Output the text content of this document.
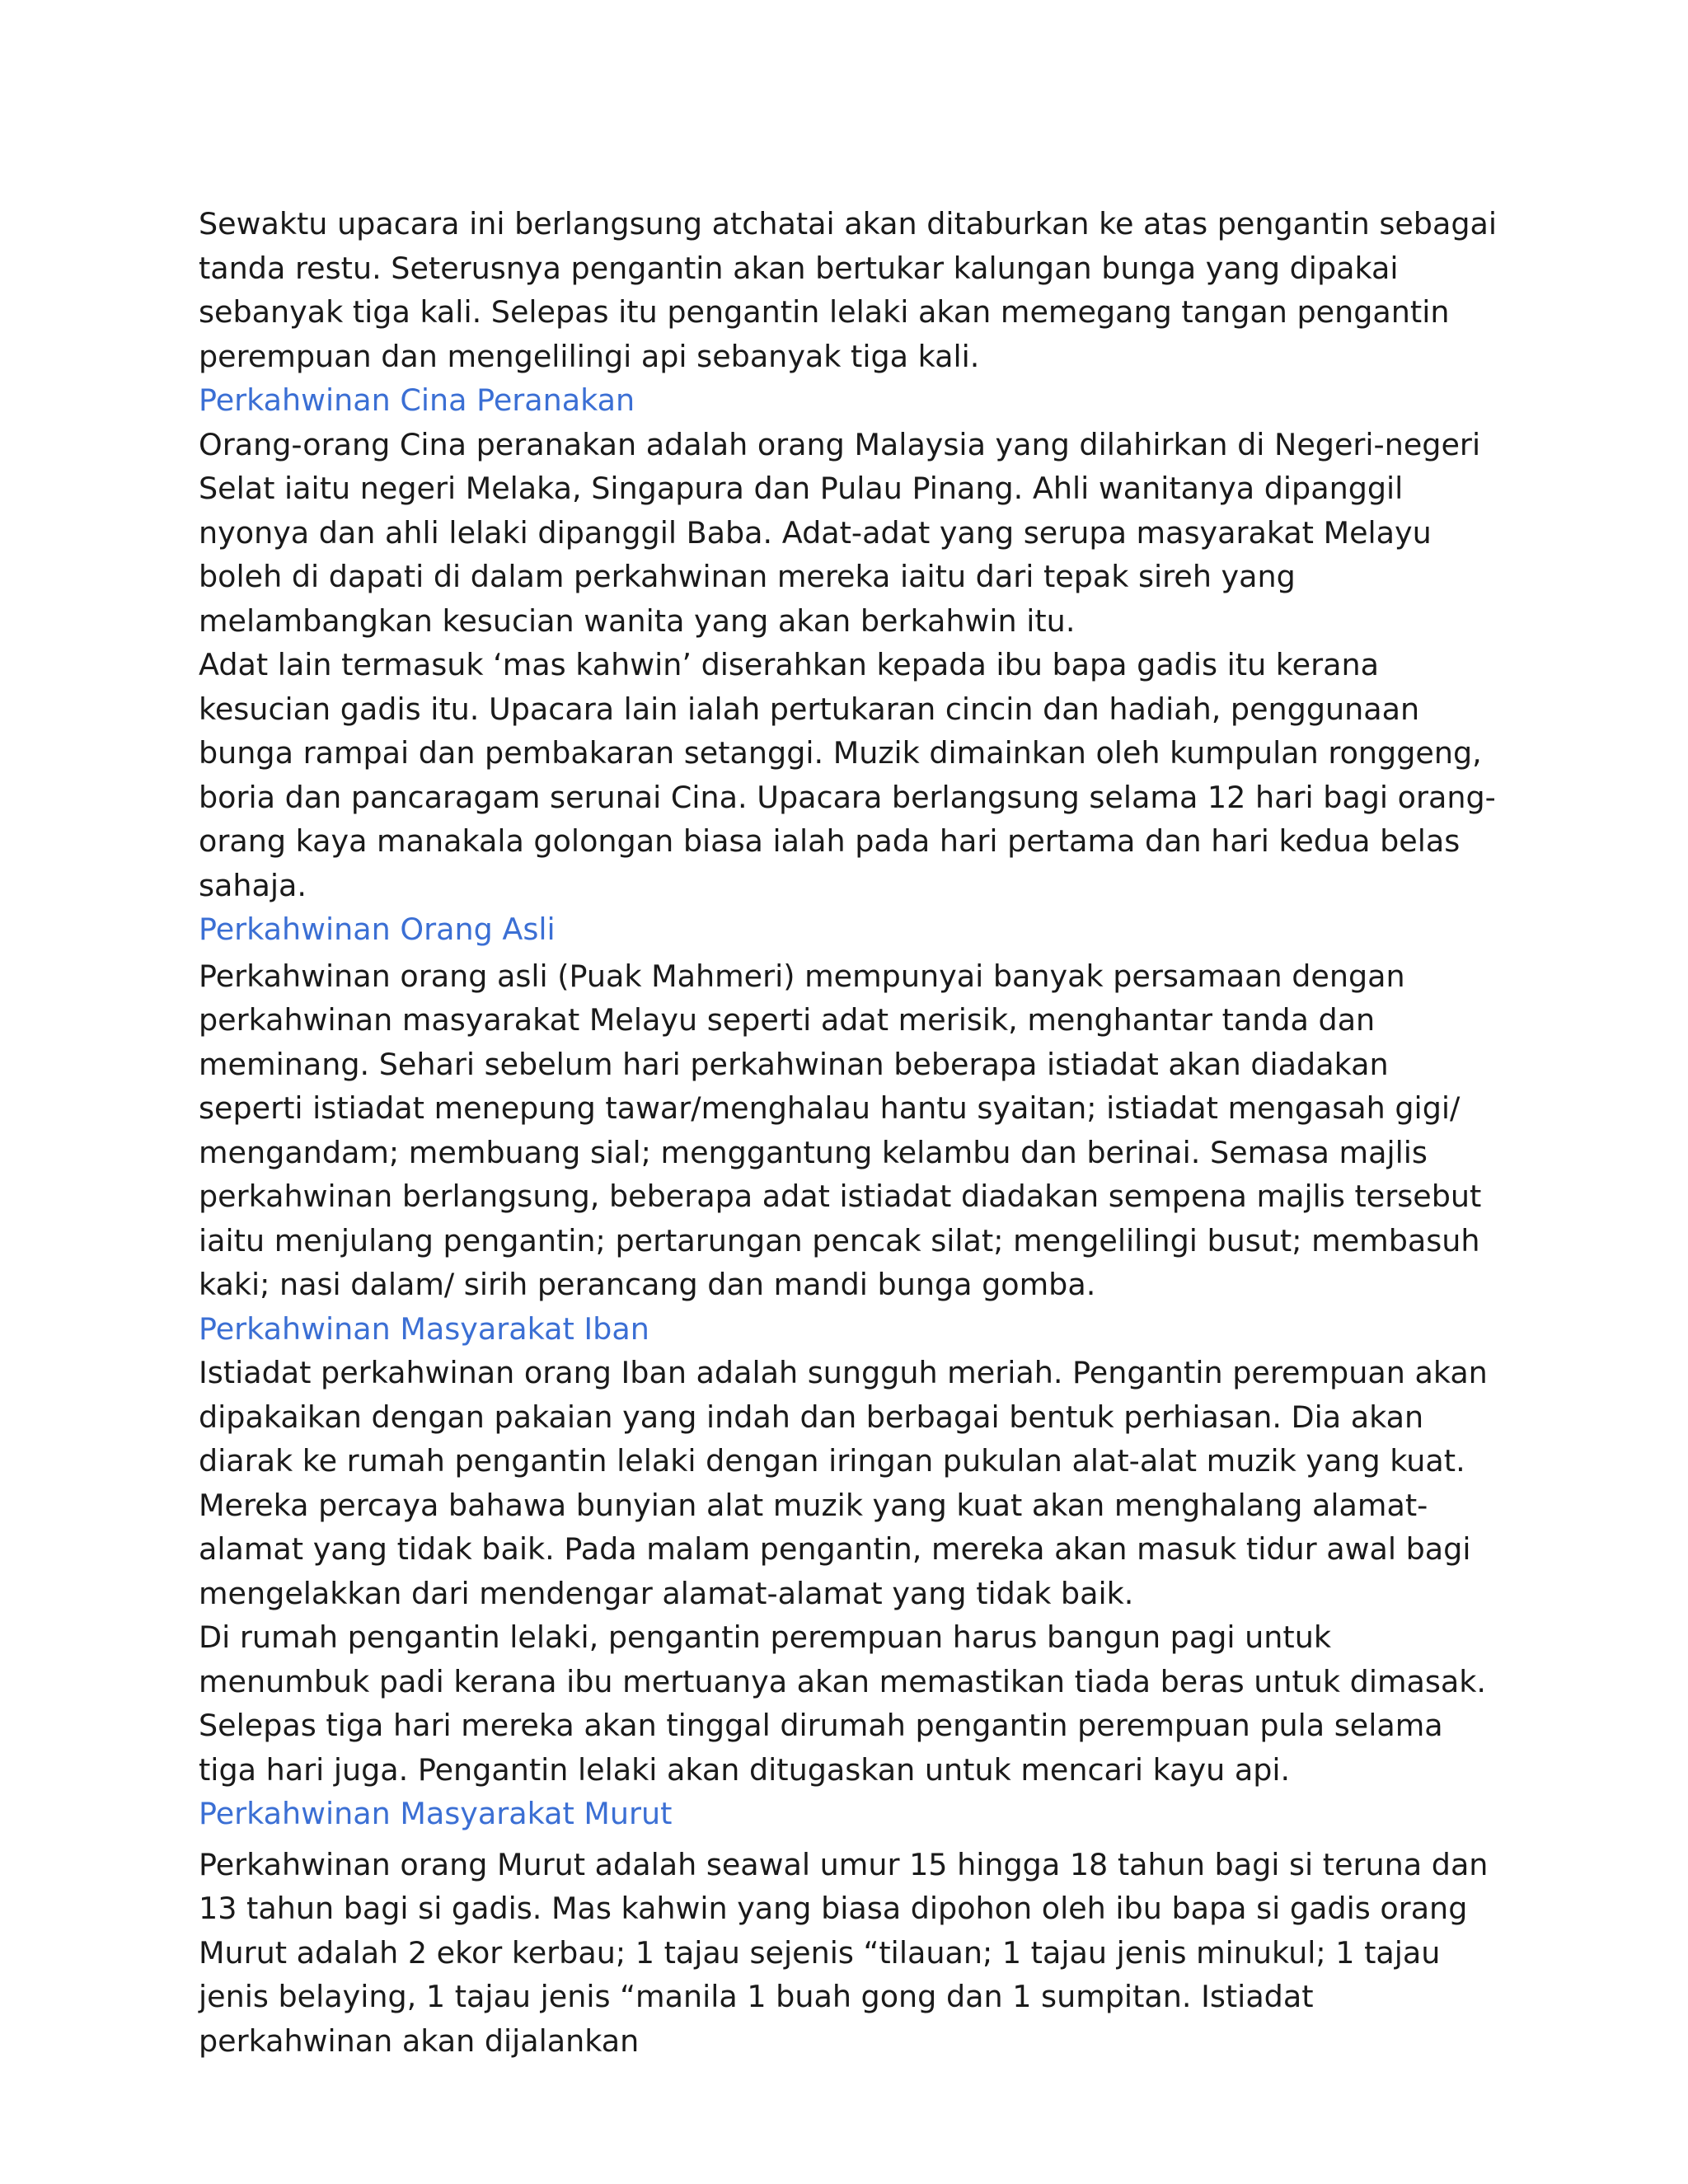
Sewaktu upacara ini berlangsung atchatai akan ditaburkan ke atas pengantin sebagai tanda restu. Seterusnya pengantin akan bertukar kalungan bunga yang dipakai sebanyak tiga kali. Selepas itu pengantin lelaki akan memegang tangan pengantin perempuan dan mengelilingi api sebanyak tiga kali.

Perkahwinan Cina Peranakan

Orang-orang Cina peranakan adalah orang Malaysia yang dilahirkan di Negeri-negeri Selat iaitu negeri Melaka, Singapura dan Pulau Pinang. Ahli wanitanya dipanggil nyonya dan ahli lelaki dipanggil Baba. Adat-adat yang serupa masyarakat Melayu boleh di dapati di dalam perkahwinan mereka iaitu dari tepak sireh yang melambangkan kesucian wanita yang akan berkahwin itu.

Adat lain termasuk ‘mas kahwin’ diserahkan kepada ibu bapa gadis itu kerana kesucian gadis itu. Upacara lain ialah pertukaran cincin dan hadiah, penggunaan bunga rampai dan pembakaran setanggi. Muzik dimainkan oleh kumpulan ronggeng, boria dan pancaragam serunai Cina. Upacara berlangsung selama 12 hari bagi orang-orang kaya manakala golongan biasa ialah pada hari pertama dan hari kedua belas sahaja.

Perkahwinan Orang Asli

Perkahwinan orang asli (Puak Mahmeri) mempunyai banyak persamaan dengan perkahwinan masyarakat Melayu seperti adat merisik, menghantar tanda dan meminang. Sehari sebelum hari perkahwinan beberapa istiadat akan diadakan seperti istiadat menepung tawar/menghalau hantu syaitan; istiadat mengasah gigi/ mengandam; membuang sial; menggantung kelambu dan berinai. Semasa majlis perkahwinan berlangsung, beberapa adat istiadat diadakan sempena majlis tersebut iaitu menjulang pengantin; pertarungan pencak silat; mengelilingi busut; membasuh kaki; nasi dalam/ sirih perancang dan mandi bunga gomba.

Perkahwinan Masyarakat Iban

Istiadat perkahwinan orang Iban adalah sungguh meriah. Pengantin perempuan akan dipakaikan dengan pakaian yang indah dan berbagai bentuk perhiasan. Dia akan diarak ke rumah pengantin lelaki dengan iringan pukulan alat-alat muzik yang kuat. Mereka percaya bahawa bunyian alat muzik yang kuat akan menghalang alamat-alamat yang tidak baik. Pada malam pengantin, mereka akan masuk tidur awal bagi mengelakkan dari mendengar alamat-alamat yang tidak baik.

Di rumah pengantin lelaki, pengantin perempuan harus bangun pagi untuk menumbuk padi kerana ibu mertuanya akan memastikan tiada beras untuk dimasak. Selepas tiga hari mereka akan tinggal dirumah pengantin perempuan pula selama tiga hari juga. Pengantin lelaki akan ditugaskan untuk mencari kayu api.

Perkahwinan Masyarakat Murut

Perkahwinan orang Murut adalah seawal umur 15 hingga 18 tahun bagi si teruna dan 13 tahun bagi si gadis. Mas kahwin yang biasa dipohon oleh ibu bapa si gadis orang Murut adalah 2 ekor kerbau; 1 tajau sejenis “tilauan; 1 tajau jenis minukul; 1 tajau jenis belaying, 1 tajau jenis “manila 1 buah gong dan 1 sumpitan. Istiadat perkahwinan akan dijalankan
